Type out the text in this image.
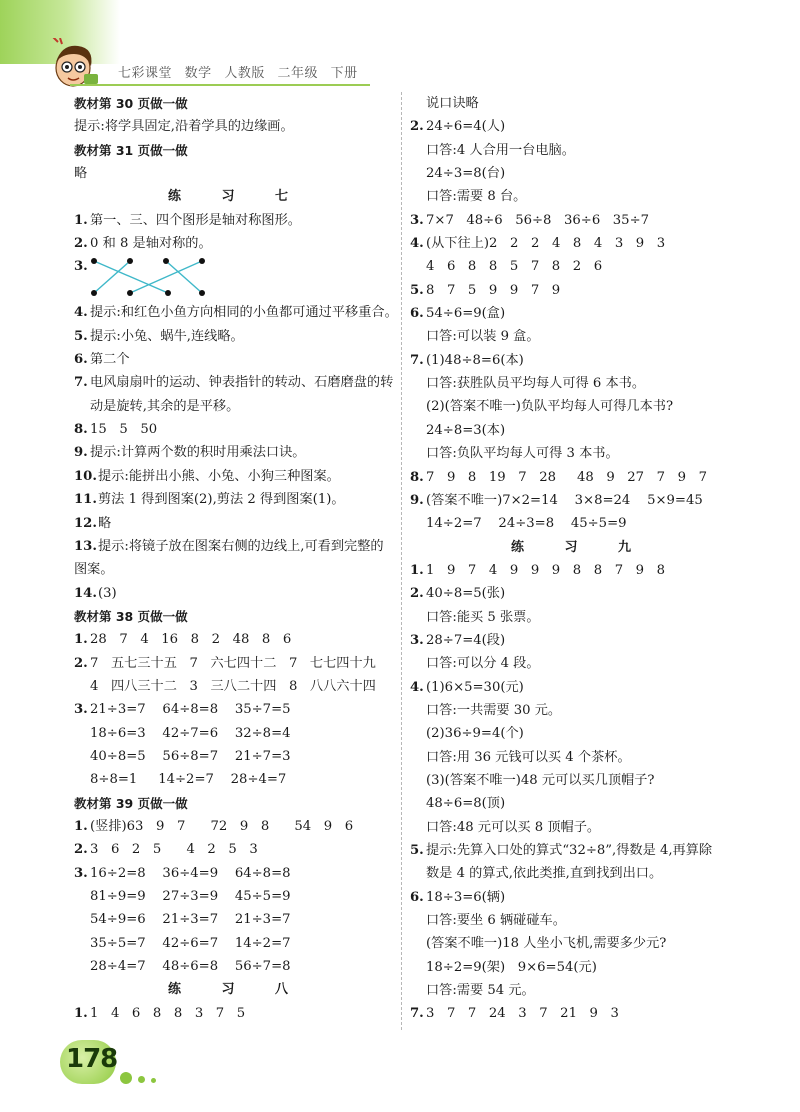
七彩课堂 数学 人教版 二年级 下册
教材第 30 页做一做
提示:将学具固定,沿着学具的边缘画。
教材第 31 页做一做
略
练 习 七
1. 第一、三、四个图形是轴对称图形。
2. 0 和 8 是轴对称的。
3.
4. 提示:和红色小鱼方向相同的小鱼都可通过平移重合。
5. 提示:小兔、蜗牛,连线略。
6. 第二个
7. 电风扇扇叶的运动、钟表指针的转动、石磨磨盘的转
动是旋转,其余的是平移。
8. 15   5   50
9. 提示:计算两个数的积时用乘法口诀。
10. 提示:能拼出小熊、小兔、小狗三种图案。
11. 剪法 1 得到图案(2),剪法 2 得到图案(1)。
12. 略
13. 提示:将镜子放在图案右侧的边线上,可看到完整的
图案。
14. (3)
教材第 38 页做一做
1. 28   7   4   16   8   2   48   8   6
2. 7   五七三十五   7   六七四十二   7   七七四十九
4   四八三十二   3   三八二十四   8   八八六十四
3. 21÷3=7    64÷8=8    35÷7=5
18÷6=3    42÷7=6    32÷8=4
40÷8=5    56÷8=7    21÷7=3
8÷8=1     14÷2=7    28÷4=7
教材第 39 页做一做
1. (竖排)63   9   7      72   9   8      54   9   6
2. 3   6   2   5      4   2   5   3
3. 16÷2=8    36÷4=9    64÷8=8
81÷9=9    27÷3=9    45÷5=9
54÷9=6    21÷3=7    21÷3=7
35÷5=7    42÷6=7    14÷2=7
28÷4=7    48÷6=8    56÷7=8
练 习 八
1. 1   4   6   8   8   3   7   5
说口诀略
2. 24÷6=4(人)
口答:4 人合用一台电脑。
24÷3=8(台)
口答:需要 8 台。
3. 7×7   48÷6   56÷8   36÷6   35÷7
4. (从下往上)2   2   2   4   8   4   3   9   3
4   6   8   8   5   7   8   2   6
5. 8   7   5   9   9   7   9
6. 54÷6=9(盒)
口答:可以装 9 盒。
7. (1)48÷8=6(本)
口答:获胜队员平均每人可得 6 本书。
(2)(答案不唯一)负队平均每人可得几本书?
24÷8=3(本)
口答:负队平均每人可得 3 本书。
8. 7   9   8   19   7   28     48   9   27   7   9   7
9. (答案不唯一)7×2=14    3×8=24    5×9=45
14÷2=7    24÷3=8    45÷5=9
练 习 九
1. 1   9   7   4   9   9   9   8   8   7   9   8
2. 40÷8=5(张)
口答:能买 5 张票。
3. 28÷7=4(段)
口答:可以分 4 段。
4. (1)6×5=30(元)
口答:一共需要 30 元。
(2)36÷9=4(个)
口答:用 36 元钱可以买 4 个茶杯。
(3)(答案不唯一)48 元可以买几顶帽子?
48÷6=8(顶)
口答:48 元可以买 8 顶帽子。
5. 提示:先算入口处的算式“32÷8”,得数是 4,再算除
数是 4 的算式,依此类推,直到找到出口。
6. 18÷3=6(辆)
口答:要坐 6 辆碰碰车。
(答案不唯一)18 人坐小飞机,需要多少元?
18÷2=9(架)   9×6=54(元)
口答:需要 54 元。
7. 3   7   7   24   3   7   21   9   3
178
